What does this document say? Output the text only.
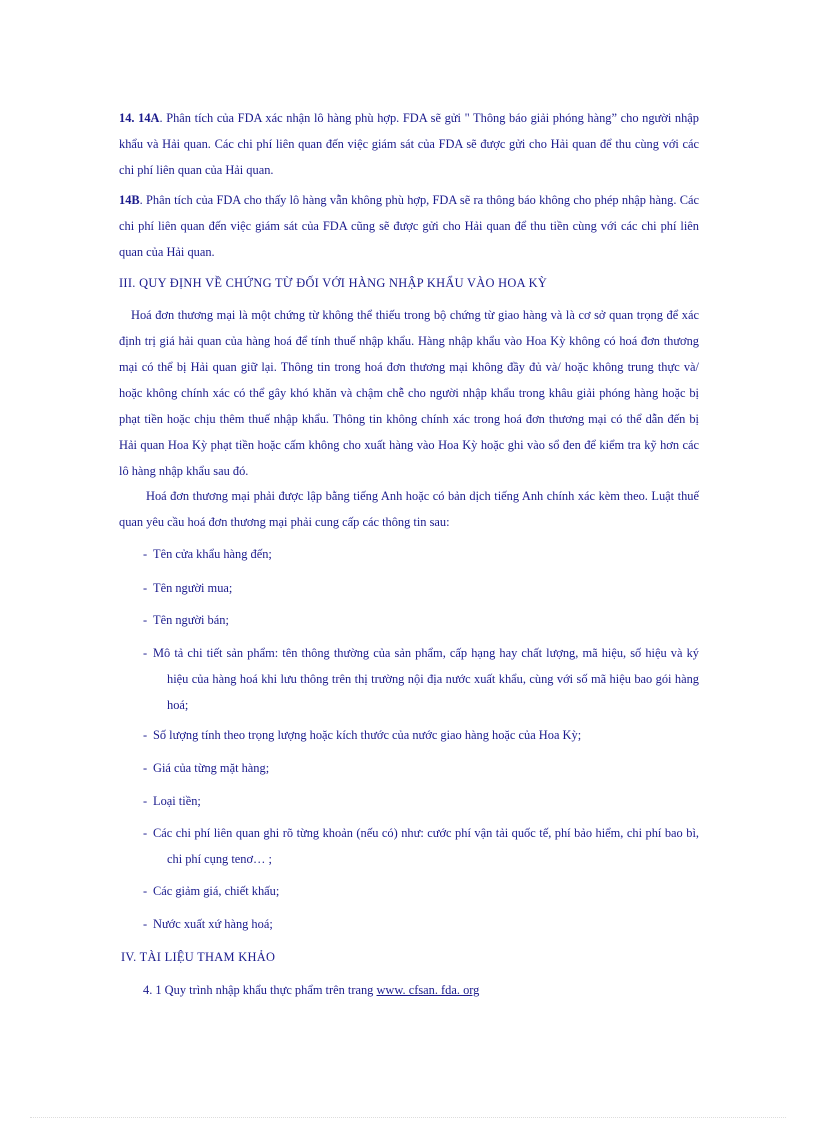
14. 14A. Phân tích của FDA xác nhận lô hàng phù hợp. FDA sẽ gửi " Thông báo giải phóng hàng” cho người nhập khẩu và Hải quan. Các chi phí liên quan đến việc giám sát của FDA sẽ được gửi cho Hải quan để thu cùng với các chi phí liên quan của Hải quan.
14B. Phân tích của FDA cho thấy lô hàng vẫn không phù hợp, FDA sẽ ra thông báo không cho phép nhập hàng. Các chi phí liên quan đến việc giám sát của FDA cũng sẽ được gửi cho Hải quan để thu tiền cùng với các chi phí liên quan của Hải quan.
III. QUY ĐỊNH VỀ CHỨNG TỪ ĐỐI VỚI HÀNG NHẬP KHẨU VÀO HOA KỲ
Hoá đơn thương mại là một chứng từ không thể thiếu trong bộ chứng từ giao hàng và là cơ sở quan trọng để xác định trị giá hải quan của hàng hoá để tính thuế nhập khẩu. Hàng nhập khẩu vào Hoa Kỳ không có hoá đơn thương mại có thể bị Hải quan giữ lại. Thông tin trong hoá đơn thương mại không đầy đủ và/ hoặc không trung thực và/ hoặc không chính xác có thể gây khó khăn và chậm chễ cho người nhập khẩu trong khâu giải phóng hàng hoặc bị phạt tiền hoặc chịu thêm thuế nhập khẩu. Thông tin không chính xác trong hoá đơn thương mại có thể dẫn đến bị Hải quan Hoa Kỳ phạt tiền hoặc cấm không cho xuất hàng vào Hoa Kỳ hoặc ghi vào sổ đen để kiểm tra kỹ hơn các lô hàng nhập khẩu sau đó.
Hoá đơn thương mại phải được lập bằng tiếng Anh hoặc có bản dịch tiếng Anh chính xác kèm theo. Luật thuế quan yêu cầu hoá đơn thương mại phải cung cấp các thông tin sau:
- Tên cửa khẩu hàng đến;
- Tên người mua;
- Tên người bán;
- Mô tả chi tiết sản phẩm: tên thông thường của sản phẩm, cấp hạng hay chất lượng, mã hiệu, số hiệu và ký hiệu của hàng hoá khi lưu thông trên thị trường nội địa nước xuất khẩu, cùng với số mã hiệu bao gói hàng hoá;
- Số lượng tính theo trọng lượng hoặc kích thước của nước giao hàng hoặc của Hoa Kỳ;
- Giá của từng mặt hàng;
- Loại tiền;
- Các chi phí liên quan ghi rõ từng khoản (nếu có) như: cước phí vận tải quốc tế, phí bảo hiểm, chi phí bao bì, chi phí cụng tenơ… ;
- Các giảm giá, chiết khấu;
- Nước xuất xứ hàng hoá;
IV. TÀI LIỆU THAM KHẢO
4. 1 Quy trình nhập khẩu thực phẩm trên trang www. cfsan. fda. org
